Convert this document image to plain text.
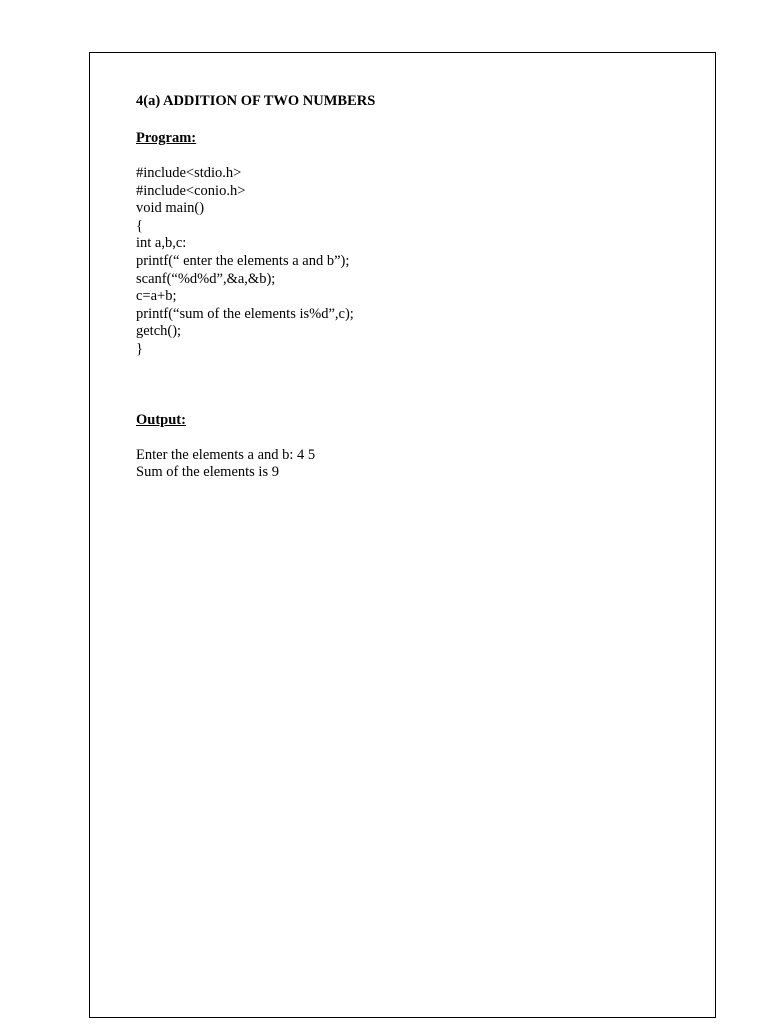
4(a) ADDITION OF TWO NUMBERS

Program:

#include<stdio.h>

#include<conio.h>

void main()

{

int a,b,c:

printf(“ enter the elements a and b”);

scanf(“%d%d”,&a,&b);

c=a+b;

printf(“sum of the elements is%d”,c);

getch();

}

Output:

Enter the elements a and b: 4 5

Sum of the elements is 9
